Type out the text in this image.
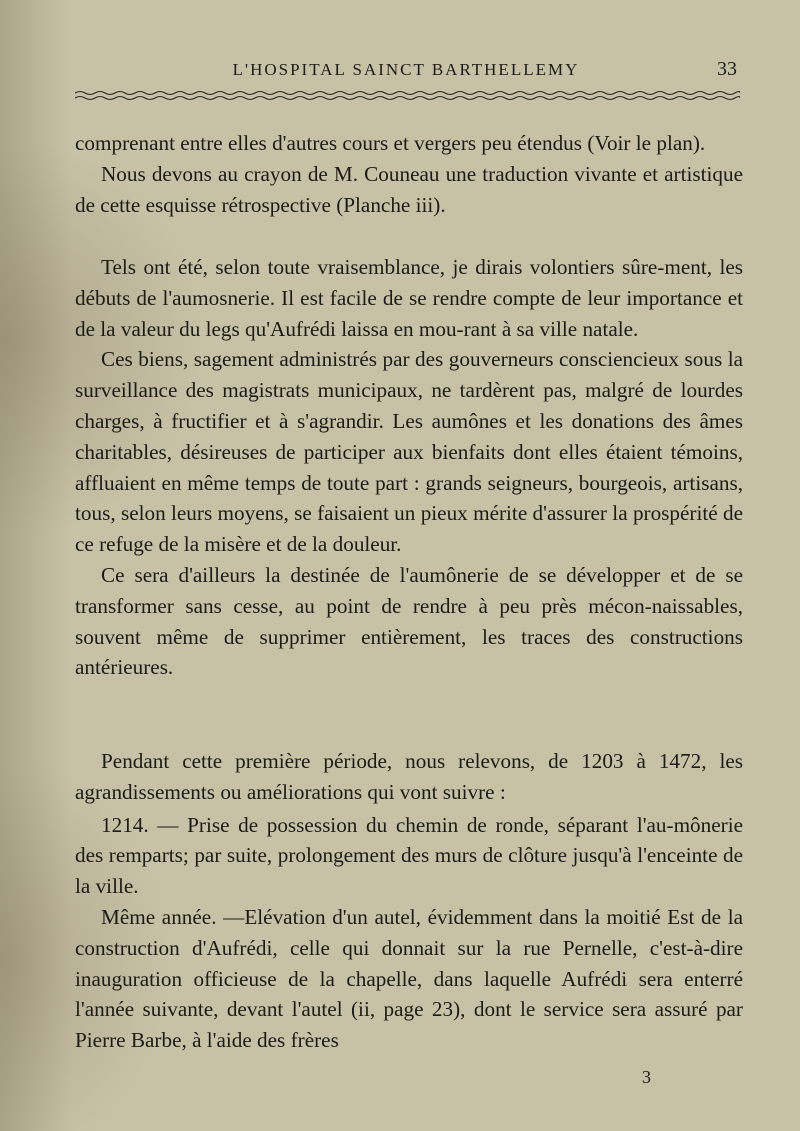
L'HOSPITAL SAINCT BARTHELLEMY	33

comprenant entre elles d'autres cours et vergers peu étendus (Voir le plan).

Nous devons au crayon de M. Couneau une traduction vivante et artistique de cette esquisse rétrospective (Planche iii).

Tels ont été, selon toute vraisemblance, je dirais volontiers sûre-ment, les débuts de l'aumosnerie. Il est facile de se rendre compte de leur importance et de la valeur du legs qu'Aufrédi laissa en mou-rant à sa ville natale.

Ces biens, sagement administrés par des gouverneurs consciencieux sous la surveillance des magistrats municipaux, ne tardèrent pas, malgré de lourdes charges, à fructifier et à s'agrandir. Les aumônes et les donations des âmes charitables, désireuses de participer aux bienfaits dont elles étaient témoins, affluaient en même temps de toute part : grands seigneurs, bourgeois, artisans, tous, selon leurs moyens, se faisaient un pieux mérite d'assurer la prospérité de ce refuge de la misère et de la douleur.

Ce sera d'ailleurs la destinée de l'aumônerie de se développer et de se transformer sans cesse, au point de rendre à peu près mécon-naissables, souvent même de supprimer entièrement, les traces des constructions antérieures.

Pendant cette première période, nous relevons, de 1203 à 1472, les agrandissements ou améliorations qui vont suivre :

1214. — Prise de possession du chemin de ronde, séparant l'au-mônerie des remparts; par suite, prolongement des murs de clôture jusqu'à l'enceinte de la ville.

Même année. —Elévation d'un autel, évidemment dans la moitié Est de la construction d'Aufrédi, celle qui donnait sur la rue Pernelle, c'est-à-dire inauguration officieuse de la chapelle, dans laquelle Aufrédi sera enterré l'année suivante, devant l'autel (ii, page 23), dont le service sera assuré par Pierre Barbe, à l'aide des frères

3
